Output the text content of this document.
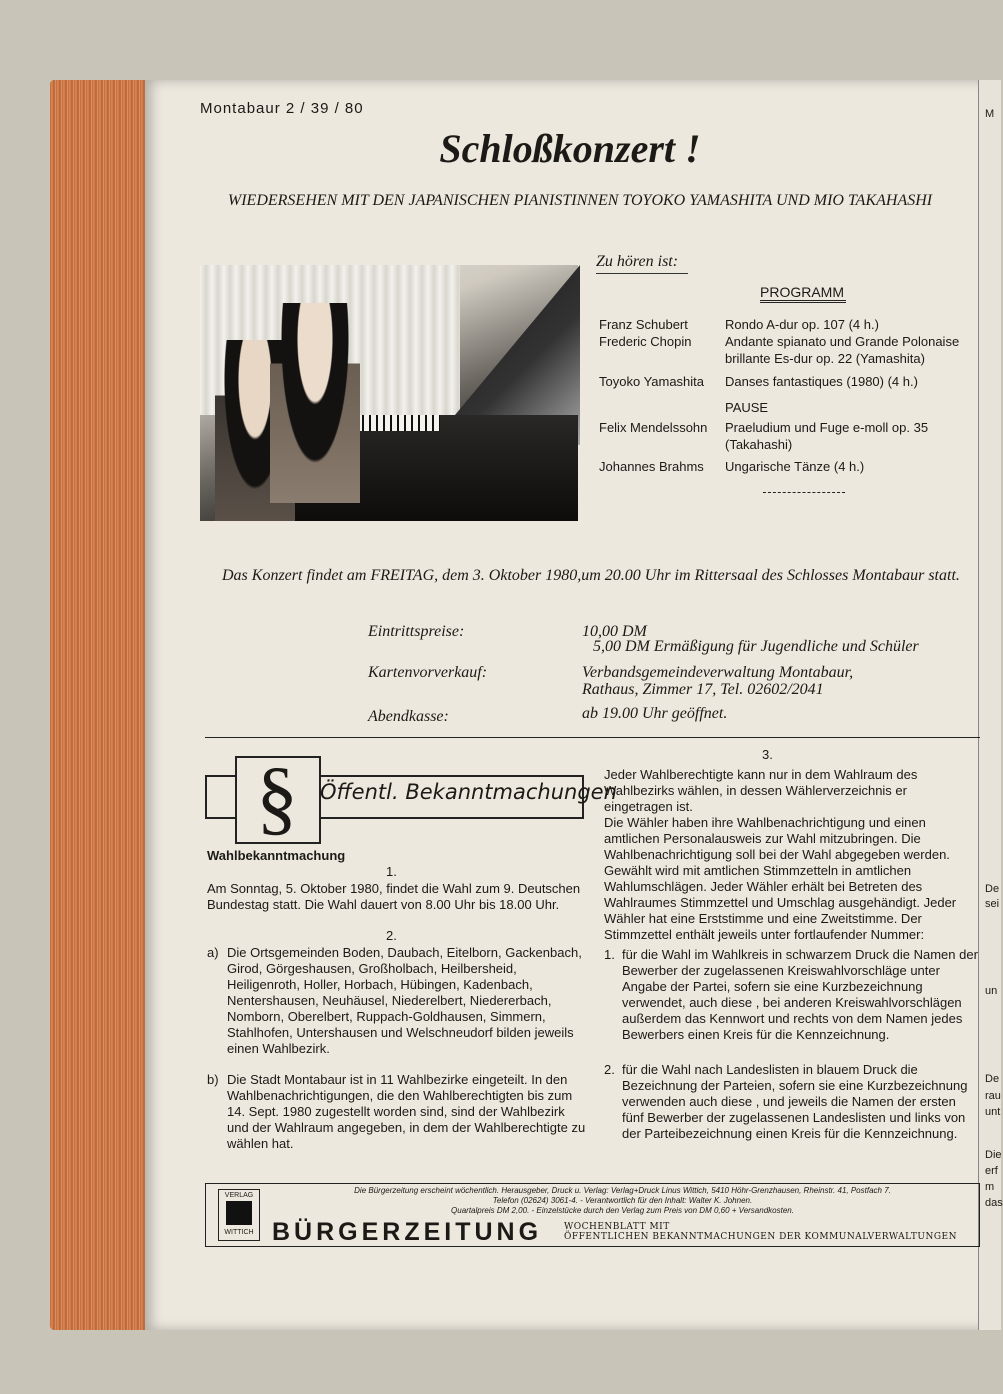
M
De
sei
un
De
rau
unt
Die
erf
m
das
Montabaur 2 / 39 / 80
Schloßkonzert !
WIEDERSEHEN MIT DEN JAPANISCHEN PIANISTINNEN TOYOKO YAMASHITA UND MIO TAKAHASHI
Zu hören ist:
PROGRAMM
Franz Schubert	Rondo A-dur op. 107 (4 h.)
Frederic Chopin	Andante spianato und Grande Polonaise brillante Es-dur op. 22 (Yamashita)
Toyoko Yamashita	Danses fantastiques (1980) (4 h.)
PAUSE
Felix Mendelssohn	Praeludium und Fuge e-moll op. 35 (Takahashi)
Johannes Brahms	Ungarische Tänze (4 h.)
Das Konzert findet am FREITAG, dem 3. Oktober 1980,um 20.00 Uhr im Rittersaal des Schlosses Montabaur statt.
Eintrittspreise:	10,00 DM
5,00 DM Ermäßigung für Jugendliche und Schüler
Kartenvorverkauf:	Verbandsgemeindeverwaltung Montabaur,
Rathaus, Zimmer 17, Tel. 02602/2041
Abendkasse:	ab 19.00 Uhr geöffnet.
§	Öffentl. Bekanntmachungen
Wahlbekanntmachung
1.
Am Sonntag, 5. Oktober 1980, findet die Wahl zum 9. Deutschen Bundestag statt. Die Wahl dauert von 8.00 Uhr bis 18.00 Uhr.
2.
a) Die Ortsgemeinden Boden, Daubach, Eitelborn, Gackenbach, Girod, Görgeshausen, Großholbach, Heilbersheid, Heiligenroth, Holler, Horbach, Hübingen, Kadenbach, Nentershausen, Neuhäusel, Niederelbert, Niedererbach, Nomborn, Oberelbert, Ruppach-Goldhausen, Simmern, Stahlhofen, Untershausen und Welschneudorf bilden jeweils einen Wahlbezirk.
b) Die Stadt Montabaur ist in 11 Wahlbezirke eingeteilt. In den Wahlbenachrichtigungen, die den Wahlberechtigten bis zum 14. Sept. 1980 zugestellt worden sind, sind der Wahlbezirk und der Wahlraum angegeben, in dem der Wahlberechtigte zu wählen hat.
3.
Jeder Wahlberechtigte kann nur in dem Wahlraum des Wahlbezirks wählen, in dessen Wählerverzeichnis er eingetragen ist.
Die Wähler haben ihre Wahlbenachrichtigung und einen amtlichen Personalausweis zur Wahl mitzubringen. Die Wahlbenachrichtigung soll bei der Wahl abgegeben werden. Gewählt wird mit amtlichen Stimmzetteln in amtlichen Wahlumschlägen. Jeder Wähler erhält bei Betreten des Wahlraumes Stimmzettel und Umschlag ausgehändigt. Jeder Wähler hat eine Erststimme und eine Zweitstimme. Der Stimmzettel enthält jeweils unter fortlaufender Nummer:
1. für die Wahl im Wahlkreis in schwarzem Druck die Namen der Bewerber der zugelassenen Kreiswahlvorschläge unter Angabe der Partei, sofern sie eine Kurzbezeichnung verwendet, auch diese , bei anderen Kreiswahlvorschlägen außerdem das Kennwort und rechts von dem Namen jedes Bewerbers einen Kreis für die Kennzeichnung.
2. für die Wahl nach Landeslisten in blauem Druck die Bezeichnung der Parteien, sofern sie eine Kurzbezeichnung verwenden auch diese , und jeweils die Namen der ersten fünf Bewerber der zugelassenen Landeslisten und links von der Parteibezeichnung einen Kreis für die Kennzeichnung.
VERLAG
WITTICH
Die Bürgerzeitung erscheint wöchentlich. Herausgeber, Druck u. Verlag: Verlag+Druck Linus Wittich, 5410 Höhr-Grenzhausen, Rheinstr. 41, Postfach 7.
Telefon (02624) 3061-4. - Verantwortlich für den Inhalt: Walter K. Johnen.
Quartalpreis DM 2,00. - Einzelstücke durch den Verlag zum Preis von DM 0,60 + Versandkosten.
BÜRGERZEITUNG WOCHENBLATT MIT
ÖFFENTLICHEN BEKANNTMACHUNGEN DER KOMMUNALVERWALTUNGEN
